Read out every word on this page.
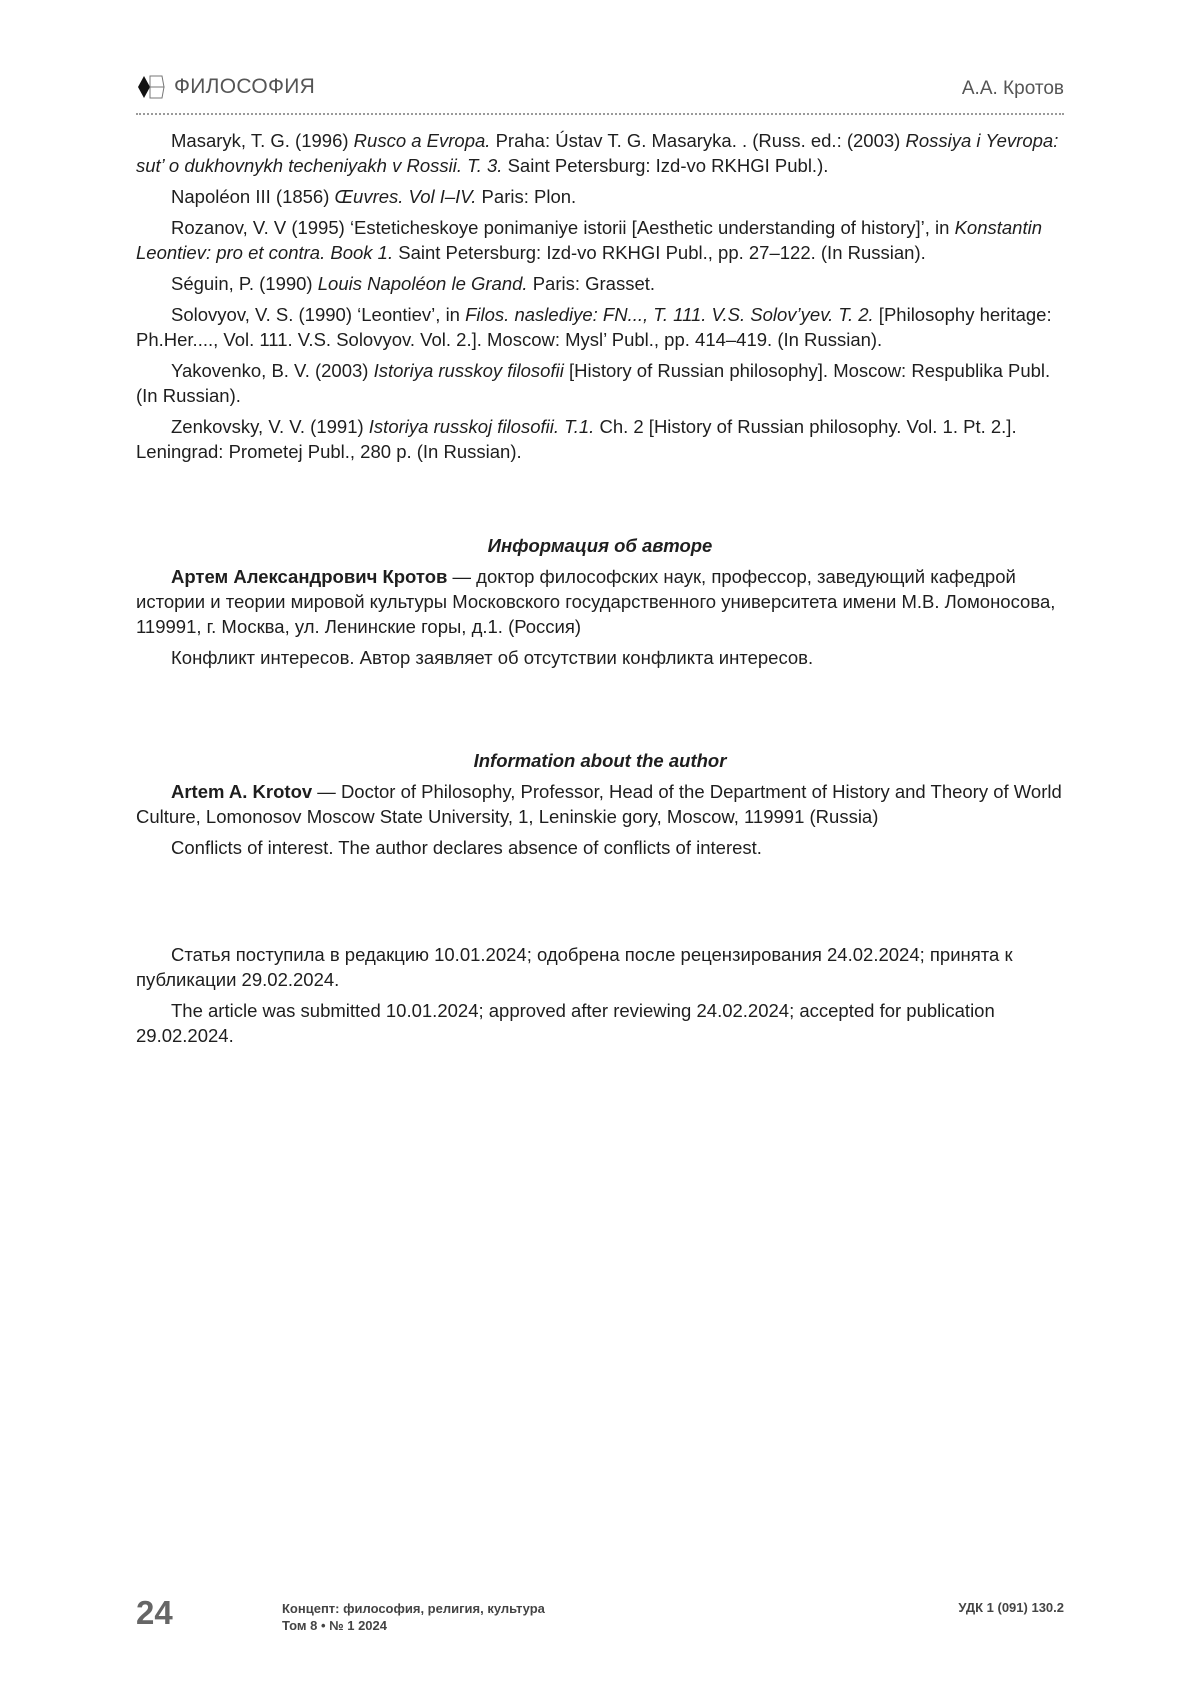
ФИЛОСОФИЯ	А.А. Кротов

Masaryk, T. G. (1996) Rusco a Evropa. Praha: Ústav T. G. Masaryka. . (Russ. ed.: (2003) Rossiya i Yevropa: sut’ o dukhovnykh techeniyakh v Rossii. T. 3. Saint Petersburg: Izd-vo RKHGI Publ.).

Napoléon III (1856) Œuvres. Vol I–IV. Paris: Plon.

Rozanov, V. V (1995) ‘Esteticheskoye ponimaniye istorii [Aesthetic understanding of history]’, in Konstantin Leontiev: pro et contra. Book 1. Saint Petersburg: Izd-vo RKHGI Publ., pp. 27–122. (In Russian).

Séguin, P. (1990) Louis Napoléon le Grand. Paris: Grasset.

Solovyov, V. S. (1990) ‘Leontiev’, in Filos. naslediye: FN..., T. 111. V.S. Solov’yev. T. 2. [Philosophy heritage: Ph.Her...., Vol. 111. V.S. Solovyov. Vol. 2.]. Moscow: Mysl’ Publ., pp. 414–419. (In Russian).

Yakovenko, B. V. (2003) Istoriya russkoy filosofii [History of Russian philosophy]. Moscow: Respublika Publ. (In Russian).

Zenkovsky, V. V. (1991) Istoriya russkoj filosofii. T.1. Ch. 2 [History of Russian philosophy. Vol. 1. Pt. 2.]. Leningrad: Prometej Publ., 280 p. (In Russian).

Информация об авторе

Артем Александрович Кротов — доктор философских наук, профессор, заведующий кафедрой истории и теории мировой культуры Московского государственного университета имени М.В. Ломоносова, 119991, г. Москва, ул. Ленинские горы, д.1. (Россия)

Конфликт интересов. Автор заявляет об отсутствии конфликта интересов.

Information about the author

Artem A. Krotov — Doctor of Philosophy, Professor, Head of the Department of History and Theory of World Culture, Lomonosov Moscow State University, 1, Leninskie gory, Moscow, 119991 (Russia)

Conflicts of interest. The author declares absence of conflicts of interest.

Статья поступила в редакцию 10.01.2024; одобрена после рецензирования 24.02.2024; принята к публикации 29.02.2024.

The article was submitted 10.01.2024; approved after reviewing 24.02.2024; accepted for publication 29.02.2024.

24	Концепт: философия, религия, культура
Том 8 • № 1 2024
УДК 1 (091) 130.2
